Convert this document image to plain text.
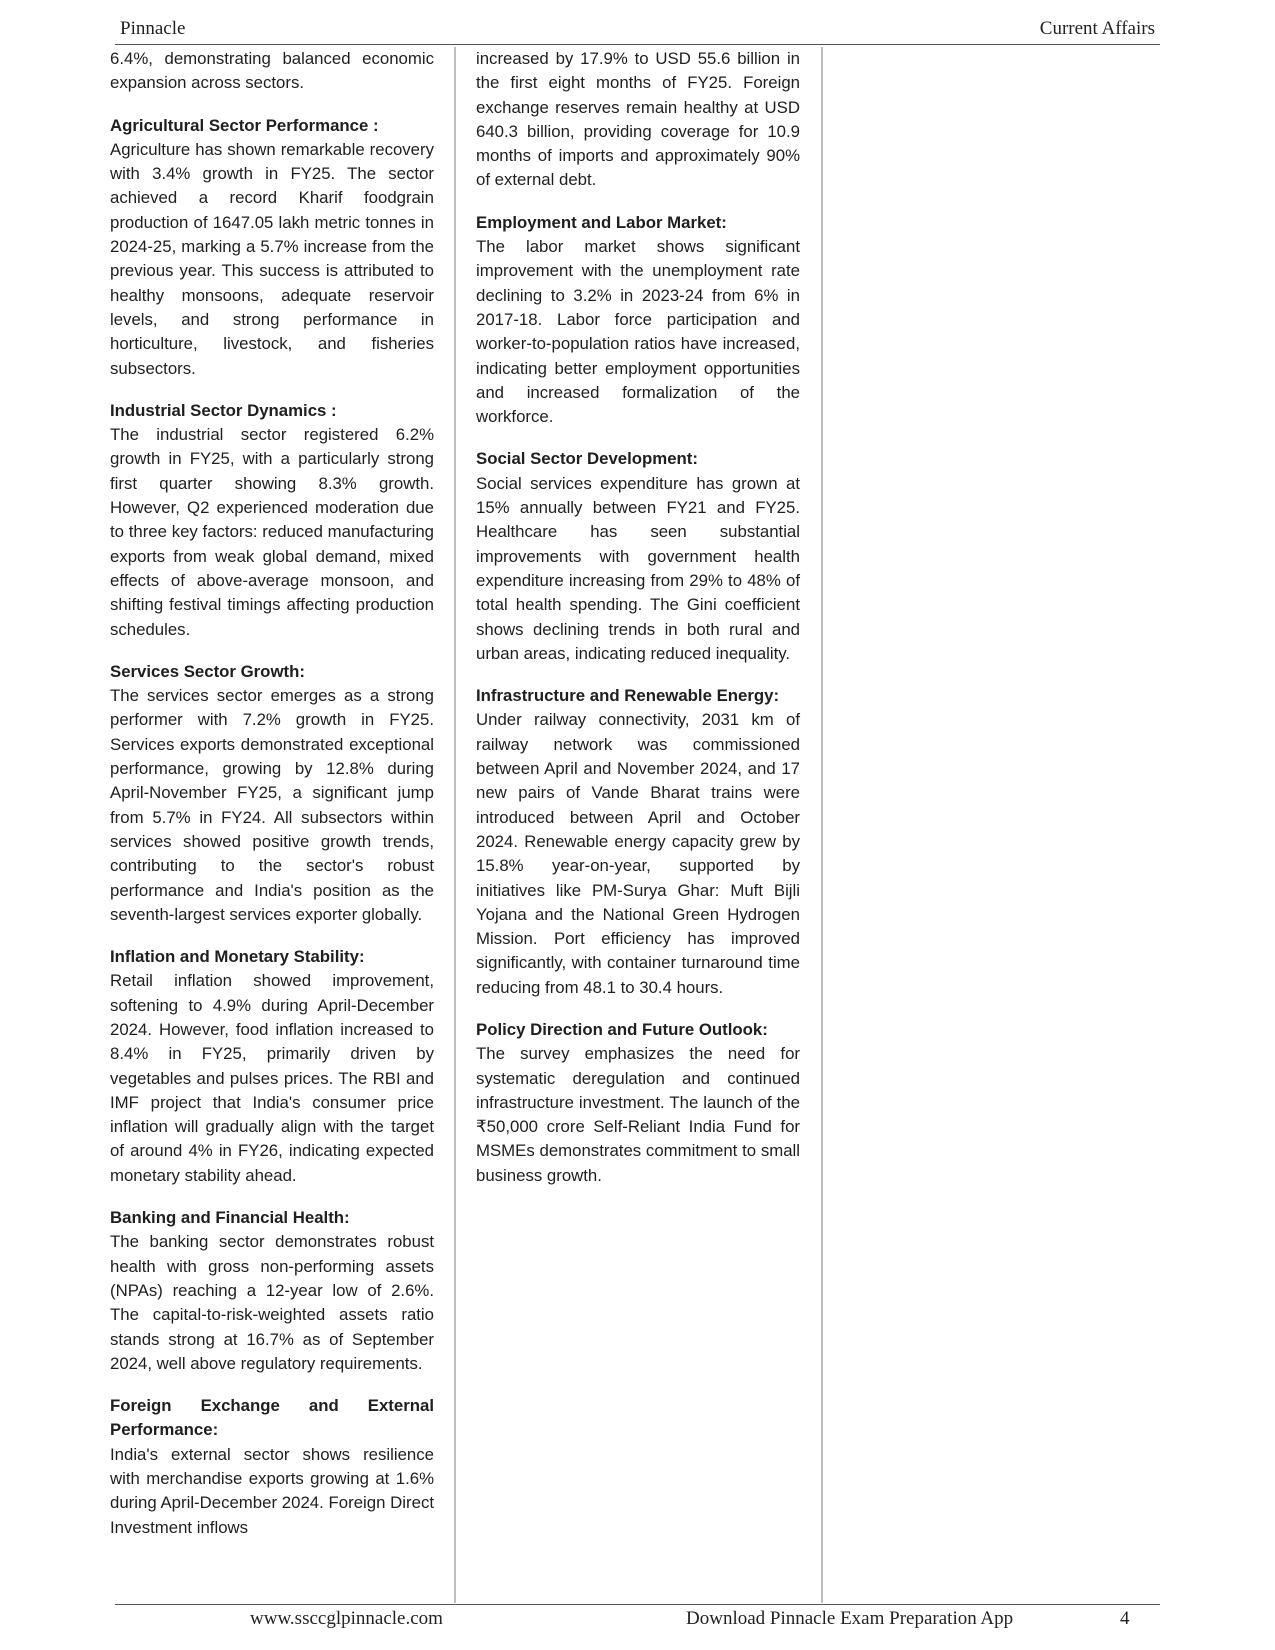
Pinnacle	Current Affairs

6.4%, demonstrating balanced economic expansion across sectors.

Agricultural Sector Performance :

Agriculture has shown remarkable recovery with 3.4% growth in FY25. The sector achieved a record Kharif foodgrain production of 1647.05 lakh metric tonnes in 2024-25, marking a 5.7% increase from the previous year. This success is attributed to healthy monsoons, adequate reservoir levels, and strong performance in horticulture, livestock, and fisheries subsectors.

Industrial Sector Dynamics :

The industrial sector registered 6.2% growth in FY25, with a particularly strong first quarter showing 8.3% growth. However, Q2 experienced moderation due to three key factors: reduced manufacturing exports from weak global demand, mixed effects of above-average monsoon, and shifting festival timings affecting production schedules.

Services Sector Growth:

The services sector emerges as a strong performer with 7.2% growth in FY25. Services exports demonstrated exceptional performance, growing by 12.8% during April-November FY25, a significant jump from 5.7% in FY24. All subsectors within services showed positive growth trends, contributing to the sector's robust performance and India's position as the seventh-largest services exporter globally.

Inflation and Monetary Stability:

Retail inflation showed improvement, softening to 4.9% during April-December 2024. However, food inflation increased to 8.4% in FY25, primarily driven by vegetables and pulses prices. The RBI and IMF project that India's consumer price inflation will gradually align with the target of around 4% in FY26, indicating expected monetary stability ahead.

Banking and Financial Health:

The banking sector demonstrates robust health with gross non-performing assets (NPAs) reaching a 12-year low of 2.6%. The capital-to-risk-weighted assets ratio stands strong at 16.7% as of September 2024, well above regulatory requirements.

Foreign Exchange and External Performance:

India's external sector shows resilience with merchandise exports growing at 1.6% during April-December 2024. Foreign Direct Investment inflows

increased by 17.9% to USD 55.6 billion in the first eight months of FY25. Foreign exchange reserves remain healthy at USD 640.3 billion, providing coverage for 10.9 months of imports and approximately 90% of external debt.

Employment and Labor Market:

The labor market shows significant improvement with the unemployment rate declining to 3.2% in 2023-24 from 6% in 2017-18. Labor force participation and worker-to-population ratios have increased, indicating better employment opportunities and increased formalization of the workforce.

Social Sector Development:

Social services expenditure has grown at 15% annually between FY21 and FY25. Healthcare has seen substantial improvements with government health expenditure increasing from 29% to 48% of total health spending. The Gini coefficient shows declining trends in both rural and urban areas, indicating reduced inequality.

Infrastructure and Renewable Energy:

Under railway connectivity, 2031 km of railway network was commissioned between April and November 2024, and 17 new pairs of Vande Bharat trains were introduced between April and October 2024. Renewable energy capacity grew by 15.8% year-on-year, supported by initiatives like PM-Surya Ghar: Muft Bijli Yojana and the National Green Hydrogen Mission. Port efficiency has improved significantly, with container turnaround time reducing from 48.1 to 30.4 hours.

Policy Direction and Future Outlook:

The survey emphasizes the need for systematic deregulation and continued infrastructure investment. The launch of the ₹50,000 crore Self-Reliant India Fund for MSMEs demonstrates commitment to small business growth.

www.ssccglpinnacle.com	Download Pinnacle Exam Preparation App	4
